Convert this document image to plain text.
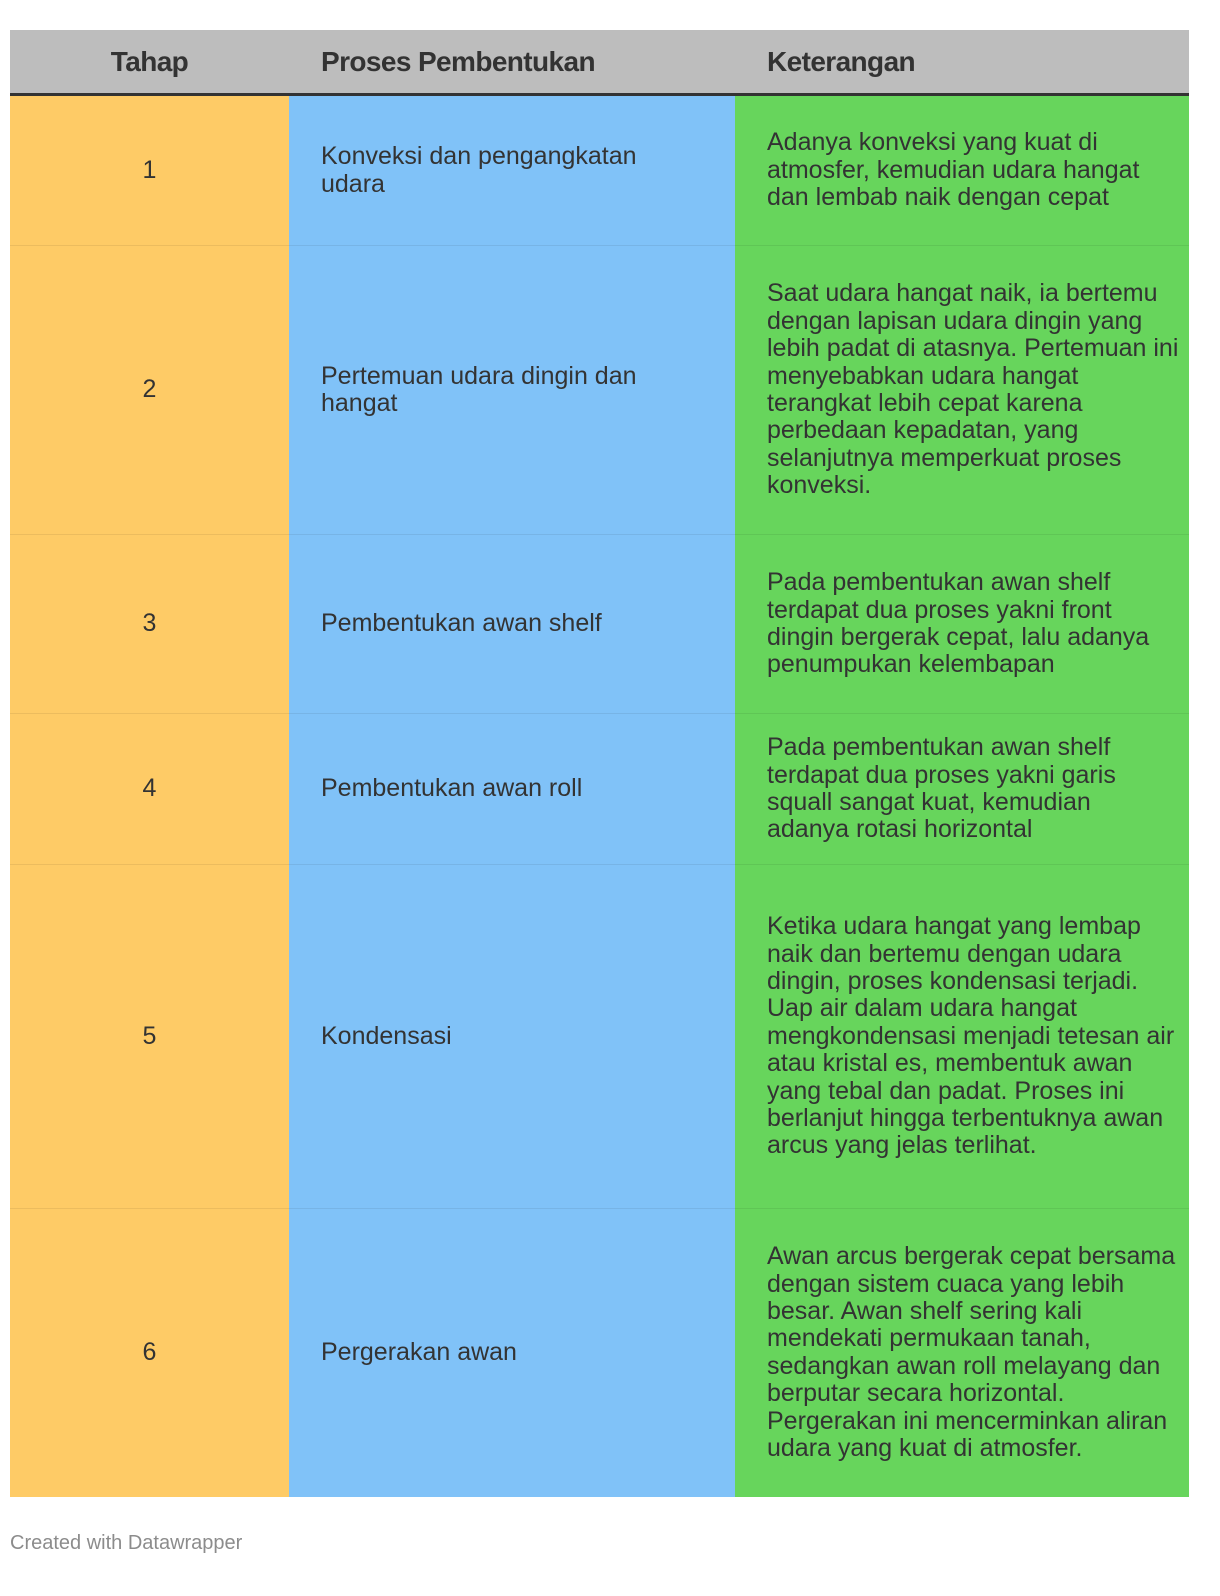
Tahap	Proses Pembentukan	Keterangan
1	Konveksi dan pengangkatan udara	Adanya konveksi yang kuat di atmosfer, kemudian udara hangat dan lembab naik dengan cepat
2	Pertemuan udara dingin dan hangat	Saat udara hangat naik, ia bertemu dengan lapisan udara dingin yang lebih padat di atasnya. Pertemuan ini menyebabkan udara hangat terangkat lebih cepat karena perbedaan kepadatan, yang selanjutnya memperkuat proses konveksi.
3	Pembentukan awan shelf	Pada pembentukan awan shelf terdapat dua proses yakni front dingin bergerak cepat, lalu adanya penumpukan kelembapan
4	Pembentukan awan roll	Pada pembentukan awan shelf terdapat dua proses yakni garis squall sangat kuat, kemudian adanya rotasi horizontal
5	Kondensasi	Ketika udara hangat yang lembap naik dan bertemu dengan udara dingin, proses kondensasi terjadi. Uap air dalam udara hangat mengkondensasi menjadi tetesan air atau kristal es, membentuk awan yang tebal dan padat. Proses ini berlanjut hingga terbentuknya awan arcus yang jelas terlihat.
6	Pergerakan awan	Awan arcus bergerak cepat bersama dengan sistem cuaca yang lebih besar. Awan shelf sering kali mendekati permukaan tanah, sedangkan awan roll melayang dan berputar secara horizontal. Pergerakan ini mencerminkan aliran udara yang kuat di atmosfer.
Created with Datawrapper
